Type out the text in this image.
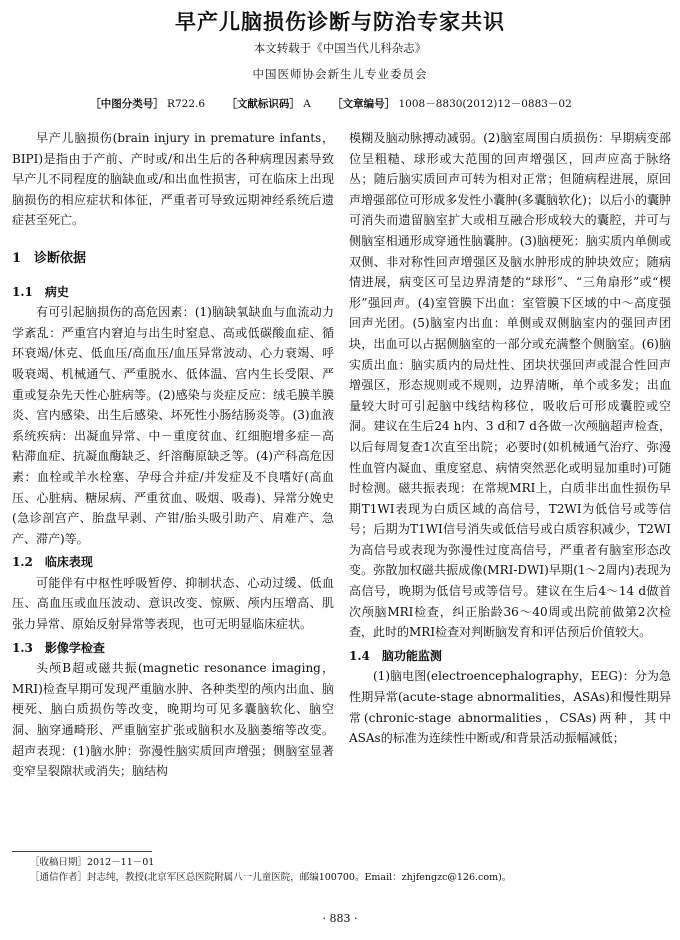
早产儿脑损伤诊断与防治专家共识
本文转载于《中国当代儿科杂志》
中国医师协会新生儿专业委员会
［中图分类号］ R722.6 ［文献标识码］ A ［文章编号］ 1008－8830(2012)12－0883－02

早产儿脑损伤(brain injury in premature infants，BIPI)是指由于产前、产时或/和出生后的各种病理因素导致早产儿不同程度的脑缺血或/和出血性损害，可在临床上出现脑损伤的相应症状和体征，严重者可导致远期神经系统后遗症甚至死亡。

1　诊断依据
1.1　病史

有可引起脑损伤的高危因素：(1)脑缺氧缺血与血流动力学紊乱：严重宫内窘迫与出生时窒息、高或低碳酸血症、循环衰竭/休克、低血压/高血压/血压异常波动、心力衰竭、呼吸衰竭、机械通气、严重脱水、低体温、宫内生长受限、严重或复杂先天性心脏病等。(2)感染与炎症反应：绒毛膜羊膜炎、宫内感染、出生后感染、坏死性小肠结肠炎等。(3)血液系统疾病：出凝血异常、中－重度贫血、红细胞增多症－高粘滞血症、抗凝血酶缺乏、纤溶酶原缺乏等。(4)产科高危因素：血栓或羊水栓塞、孕母合并症/并发症及不良嗜好(高血压、心脏病、糖尿病、严重贫血、吸烟、吸毒)、异常分娩史(急诊剖宫产、胎盘早剥、产钳/胎头吸引助产、肩难产、急产、滞产)等。

1.2　临床表现

可能伴有中枢性呼吸暂停、抑制状态、心动过缓、低血压、高血压或血压波动、意识改变、惊厥、颅内压增高、肌张力异常、原始反射异常等表现，也可无明显临床症状。

1.3　影像学检查

头颅B超或磁共振(magnetic resonance imaging，MRI)检查早期可发现严重脑水肿、各种类型的颅内出血、脑梗死、脑白质损伤等改变，晚期均可见多囊脑软化、脑空洞、脑穿通畸形、严重脑室扩张或脑积水及脑萎缩等改变。超声表现：(1)脑水肿：弥漫性脑实质回声增强；侧脑室显著变窄呈裂隙状或消失；脑结构

模糊及脑动脉搏动减弱。(2)脑室周围白质损伤：早期病变部位呈粗糙、球形或大范围的回声增强区，回声应高于脉络丛；随后脑实质回声可转为相对正常；但随病程进展，原回声增强部位可形成多发性小囊肿(多囊脑软化)；以后小的囊肿可消失而遗留脑室扩大或相互融合形成较大的囊腔，并可与侧脑室相通形成穿通性脑囊肿。(3)脑梗死：脑实质内单侧或双侧、非对称性回声增强区及脑水肿形成的肿块效应；随病情进展，病变区可呈边界清楚的“球形”、“三角扇形”或“楔形”强回声。(4)室管膜下出血：室管膜下区域的中～高度强回声光团。(5)脑室内出血：单侧或双侧脑室内的强回声团块，出血可以占据侧脑室的一部分或充满整个侧脑室。(6)脑实质出血：脑实质内的局灶性、团块状强回声或混合性回声增强区，形态规则或不规则，边界清晰，单个或多发；出血量较大时可引起脑中线结构移位，吸收后可形成囊腔或空洞。建议在生后24 h内、3 d和7 d各做一次颅脑超声检查，以后每周复查1次直至出院；必要时(如机械通气治疗、弥漫性血管内凝血、重度窒息、病情突然恶化或明显加重时)可随时检测。磁共振表现：在常规MRI上，白质非出血性损伤早期T1WI表现为白质区域的高信号，T2WI为低信号或等信号；后期为T1WI信号消失或低信号或白质容积减少，T2WI为高信号或表现为弥漫性过度高信号，严重者有脑室形态改变。弥散加权磁共振成像(MRI-DWI)早期(1～2周内)表现为高信号，晚期为低信号或等信号。建议在生后4～14 d做首次颅脑MRI检查，纠正胎龄36～40周或出院前做第2次检查，此时的MRI检查对判断脑发育和评估预后价值较大。

1.4　脑功能监测

(1)脑电图(electroencephalography，EEG)：分为急性期异常(acute-stage abnormalities，ASAs)和慢性期异常(chronic-stage abnormalities，CSAs)两种，其中ASAs的标准为连续性中断或/和背景活动振幅减低；

［收稿日期］2012－11－01
［通信作者］封志纯，教授(北京军区总医院附属八一儿童医院，邮编100700。Email：zhjfengzc@126.com)。
· 883 ·
